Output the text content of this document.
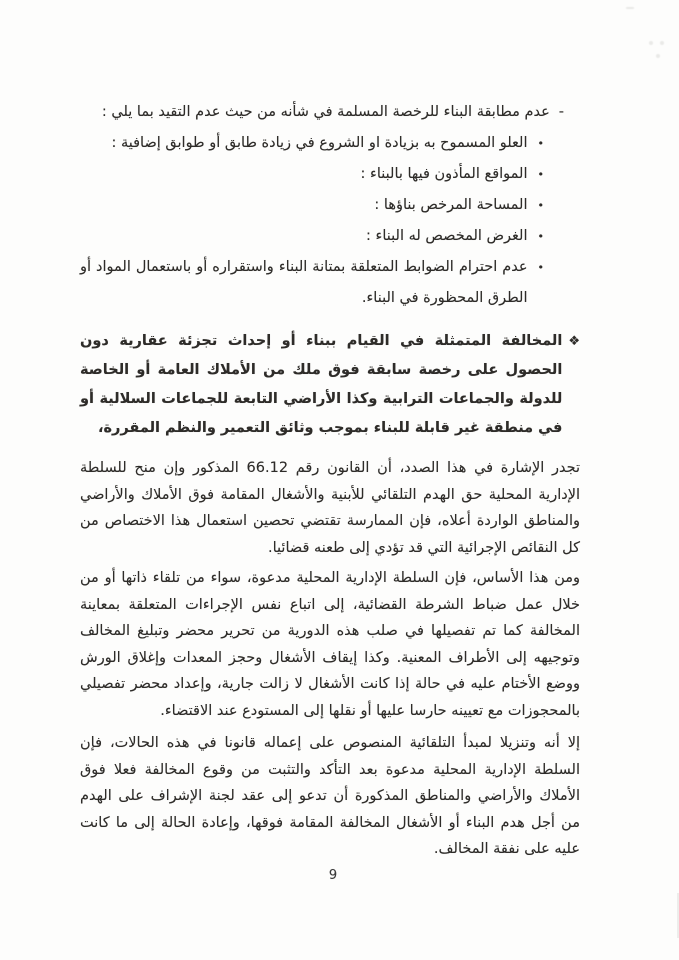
-
عدم مطابقة البناء للرخصة المسلمة في شأنه من حيث عدم التقيد بما يلي :
•
العلو المسموح به بزيادة او الشروع في زيادة طابق أو طوابق إضافية :
•
المواقع المأذون فيها بالبناء :
•
المساحة المرخص بناؤها :
•
الغرض المخصص له البناء :
•
عدم احترام الضوابط المتعلقة بمتانة البناء واستقراره أو باستعمال المواد أو الطرق المحظورة في البناء.
❖
المخالفة المتمثلة في القيام ببناء أو إحداث تجزئة عقارية دون الحصول على رخصة سابقة فوق ملك من الأملاك العامة أو الخاصة للدولة والجماعات الترابية وكذا الأراضي التابعة للجماعات السلالية أو في منطقة غير قابلة للبناء بموجب وثائق التعمير والنظم المقررة،

تجدر الإشارة في هذا الصدد، أن القانون رقم 66.12 المذكور وإن منح للسلطة الإدارية المحلية حق الهدم التلقائي للأبنية والأشغال المقامة فوق الأملاك والأراضي والمناطق الواردة أعلاه، فإن الممارسة تقتضي تحصين استعمال هذا الاختصاص من كل النقائص الإجرائية التي قد تؤدي إلى طعنه قضائيا.

ومن هذا الأساس، فإن السلطة الإدارية المحلية مدعوة، سواء من تلقاء ذاتها أو من خلال عمل ضباط الشرطة القضائية، إلى اتباع نفس الإجراءات المتعلقة بمعاينة المخالفة كما تم تفصيلها في صلب هذه الدورية من تحرير محضر وتبليغ المخالف وتوجيهه إلى الأطراف المعنية. وكذا إيقاف الأشغال وحجز المعدات وإغلاق الورش ووضع الأختام عليه في حالة إذا كانت الأشغال لا زالت جارية، وإعداد محضر تفصيلي بالمحجوزات مع تعيينه حارسا عليها أو نقلها إلى المستودع عند الاقتضاء.

إلا أنه وتنزيلا لمبدأ التلقائية المنصوص على إعماله قانونا في هذه الحالات، فإن السلطة الإدارية المحلية مدعوة بعد التأكد والتثبت من وقوع المخالفة فعلا فوق الأملاك والأراضي والمناطق المذكورة أن تدعو إلى عقد لجنة الإشراف على الهدم من أجل هدم البناء أو الأشغال المخالفة المقامة فوقها، وإعادة الحالة إلى ما كانت عليه على نفقة المخالف.

9
